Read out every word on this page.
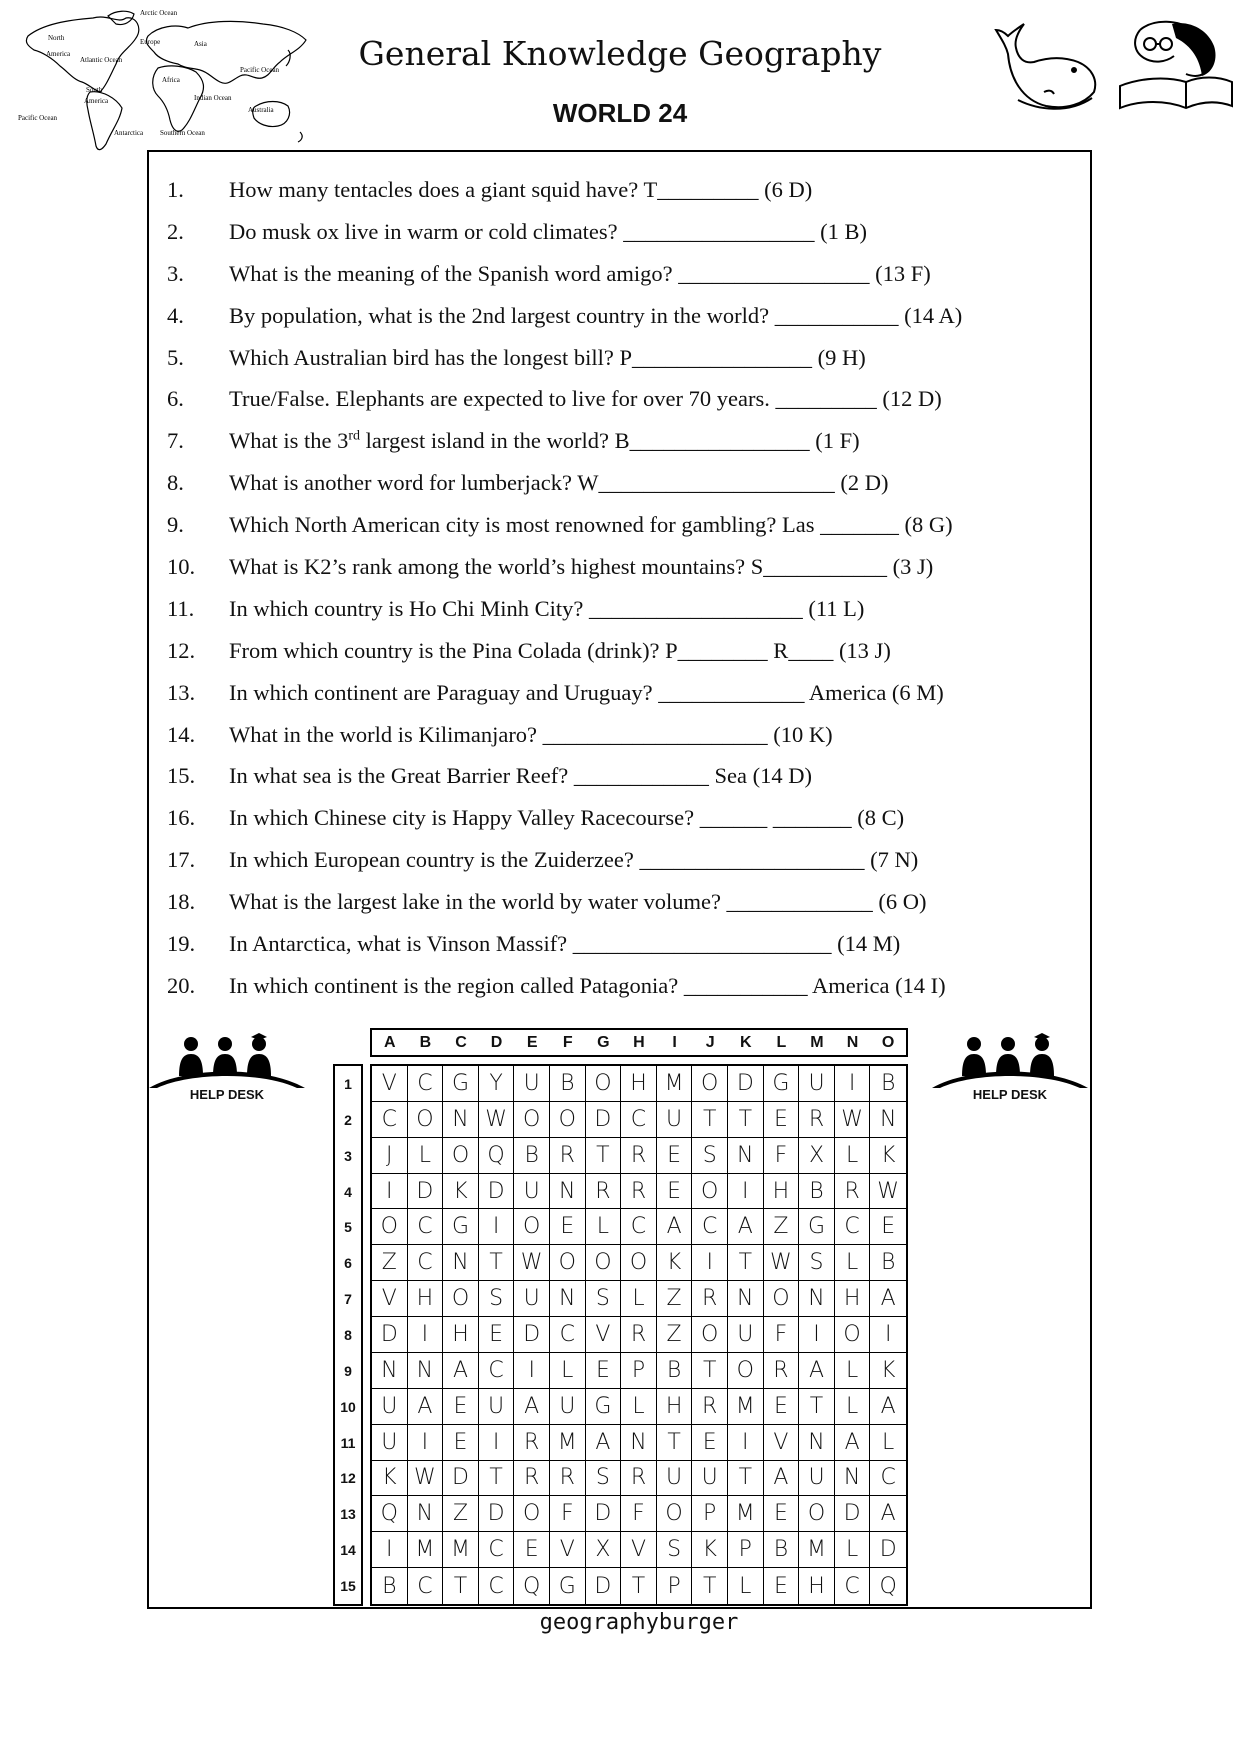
Arctic Ocean
North
America
Europe	Asia
Atlantic Ocean
Pacific Ocean
Africa
South
America	Indian Ocean
Australia
Pacific Ocean
Antarctica Southern Ocean
General Knowledge Geography
WORLD 24
1.	How many tentacles does a giant squid have? T_________ (6 D)
2.	Do musk ox live in warm or cold climates? _________________ (1 B)
3.	What is the meaning of the Spanish word amigo? _________________ (13 F)
4.	By population, what is the 2nd largest country in the world? ___________ (14 A)
5.	Which Australian bird has the longest bill? P________________ (9 H)
6.	True/False. Elephants are expected to live for over 70 years. _________ (12 D)
7.	What is the 3rd largest island in the world? B________________ (1 F)
8.	What is another word for lumberjack? W_____________________ (2 D)
9.	Which North American city is most renowned for gambling? Las _______ (8 G)
10.	What is K2’s rank among the world’s highest mountains? S___________ (3 J)
11.	In which country is Ho Chi Minh City? ___________________ (11 L)
12.	From which country is the Pina Colada (drink)? P________ R____ (13 J)
13.	In which continent are Paraguay and Uruguay? _____________ America (6 M)
14.	What in the world is Kilimanjaro? ____________________ (10 K)
15.	In what sea is the Great Barrier Reef? ____________ Sea (14 D)
16.	In which Chinese city is Happy Valley Racecourse? ______ _______ (8 C)
17.	In which European country is the Zuiderzee? ____________________ (7 N)
18.	What is the largest lake in the world by water volume? _____________ (6 O)
19.	In Antarctica, what is Vinson Massif? _______________________ (14 M)
20.	In which continent is the region called Patagonia? ___________ America (14 I)
HELP DESK	HELP DESK
A	B	C	D	E	F	G	H	I	J	K	L	M	N	O
1
2
3
4
5
6
7
8
9
10
11
12
13
14
15
V C G Y U B O H M O D G U	I	B
C O N W O O D C U T	T E R W N
J	L O Q B R T R E S N F X L	K
I	D K D U N R R E O	I	H B R W
O C G	I	O E	L C A C A Z G C E
Z C N T W O O O K	I	T W S	L	B
V H O S U N S	L Z R N O N H A
D	I	H E D C V R Z O U F	I	O	I
N N A C	I	L	E	P B T O R A L	K
U A E U A U G L H R M E T	L	A
U	I	E	I	R M A N T E	I	V N A	L
K W D T R R S R U U T A U N C
Q N Z D O F D F O P M E O D A
I	M M C E V X V S K P B M L D
B C T C Q G D T	P	T	L	E H C Q
geographyburger
